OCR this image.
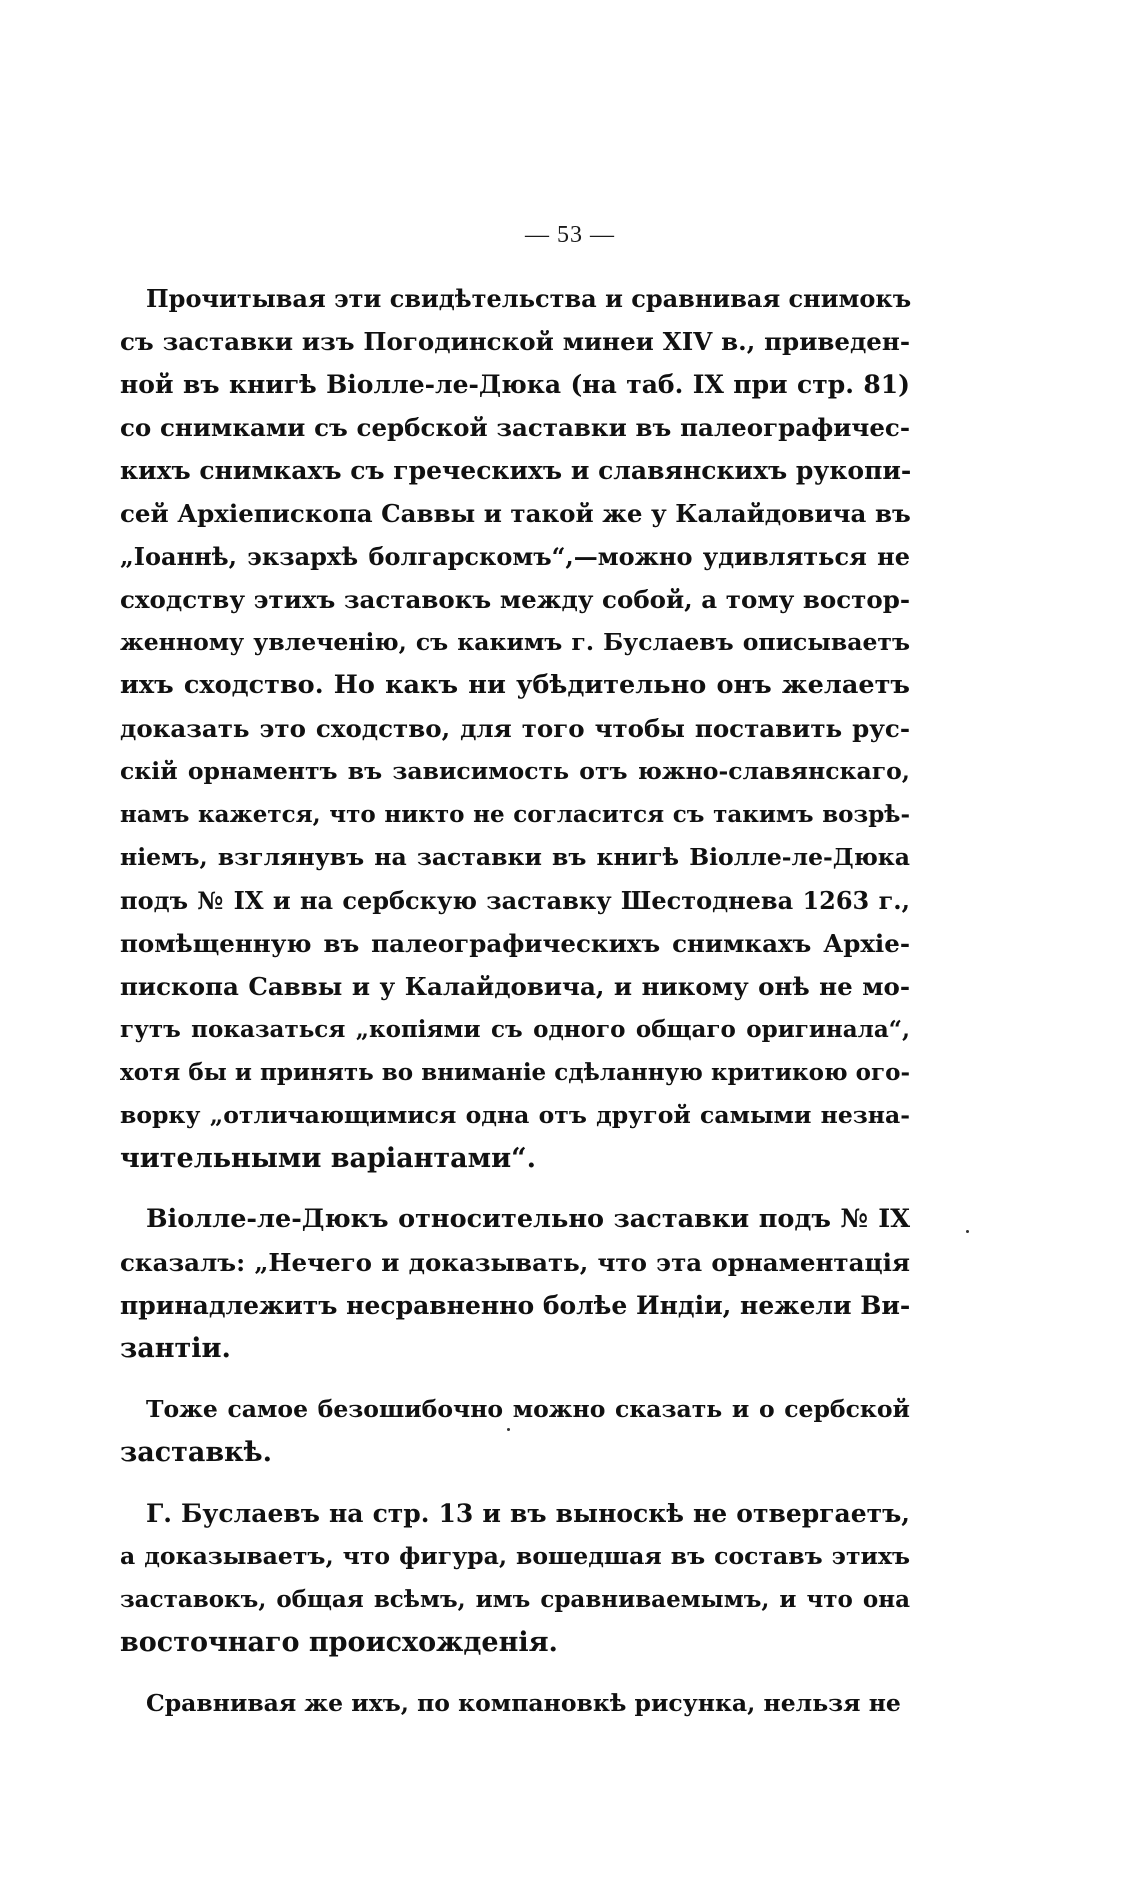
— 53 —
Прочитывая эти свидѣтельства и сравнивая снимокъ
съ заставки изъ Погодинской минеи XIV в., приведен-
ной въ книгѣ Віолле-ле-Дюка (на таб. IX при стр. 81)
со снимками съ сербской заставки въ палеографичес-
кихъ снимкахъ съ греческихъ и славянскихъ рукопи-
сей Архіепископа Саввы и такой же у Калайдовича въ
„Іоаннѣ, экзархѣ болгарскомъ“,—можно удивляться не
сходству этихъ заставокъ между собой, а тому востор-
женному увлеченію, съ какимъ г. Буслаевъ описываетъ
ихъ сходство. Но какъ ни убѣдительно онъ желаетъ
доказать это сходство, для того чтобы поставить рус-
скій орнаментъ въ зависимость отъ южно-славянскаго,
намъ кажется, что никто не согласится съ такимъ возрѣ-
ніемъ, взглянувъ на заставки въ книгѣ Віолле-ле-Дюка
подъ № IX и на сербскую заставку Шестоднева 1263 г.,
помѣщенную въ палеографическихъ снимкахъ Архіе-
пископа Саввы и у Калайдовича, и никому онѣ не мо-
гутъ показаться „копіями съ одного общаго оригинала“,
хотя бы и принять во вниманіе сдѣланную критикою ого-
ворку „отличающимися одна отъ другой самыми незна-
чительными варіантами“.
Віолле-ле-Дюкъ относительно заставки подъ № IX
сказалъ: „Нечего и доказывать, что эта орнаментація
принадлежитъ несравненно болѣе Индіи, нежели Ви-
зантіи.
Тоже самое безошибочно можно сказать и о сербской
заставкѣ.
Г. Буслаевъ на стр. 13 и въ выноскѣ не отвергаетъ,
а доказываетъ, что фигура, вошедшая въ составъ этихъ
заставокъ, общая всѣмъ, имъ сравниваемымъ, и что она
восточнаго происхожденія.
Сравнивая же ихъ, по компановкѣ рисунка, нельзя не
